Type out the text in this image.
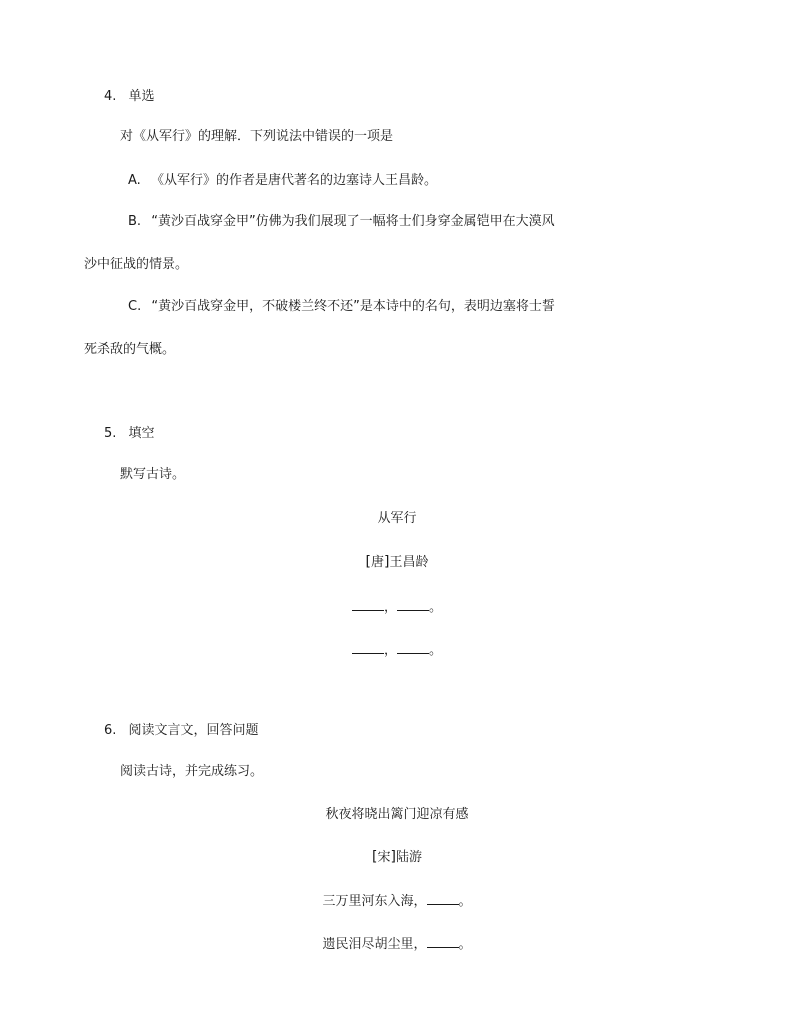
4. 单选
对《从军行》的理解．下列说法中错误的一项是
A. 《从军行》的作者是唐代著名的边塞诗人王昌龄。
B. “黄沙百战穿金甲”仿佛为我们展现了一幅将士们身穿金属铠甲在大漠风
沙中征战的情景。
C. “黄沙百战穿金甲，不破楼兰终不还”是本诗中的名句，表明边塞将士誓
死杀敌的气概。
5. 填空
默写古诗。
从军行
[唐]王昌龄
， 。
， 。
6. 阅读文言文，回答问题
阅读古诗，并完成练习。
秋夜将晓出篱门迎凉有感
[宋]陆游
三万里河东入海， 。
遗民泪尽胡尘里， 。
